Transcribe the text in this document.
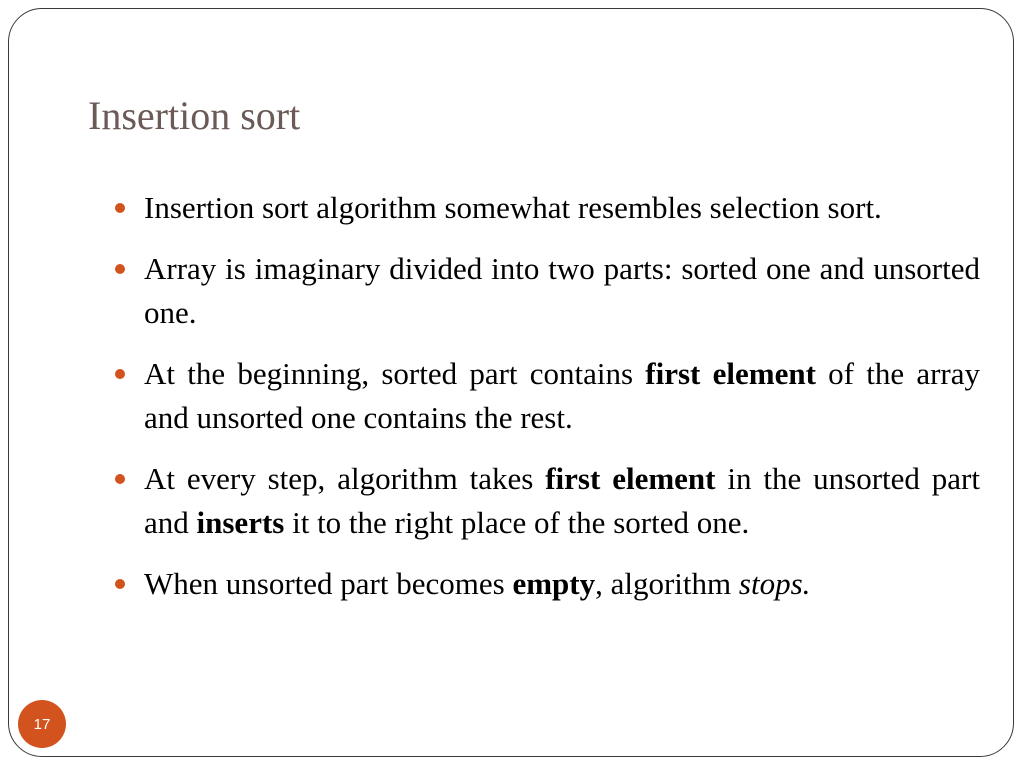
Insertion sort
Insertion sort algorithm somewhat resembles selection sort.
Array is imaginary divided into two parts: sorted one and unsorted one.
At the beginning, sorted part contains first element of the array and unsorted one contains the rest.
At every step, algorithm takes first element in the unsorted part and inserts it to the right place of the sorted one.
When unsorted part becomes empty, algorithm stops.
17
